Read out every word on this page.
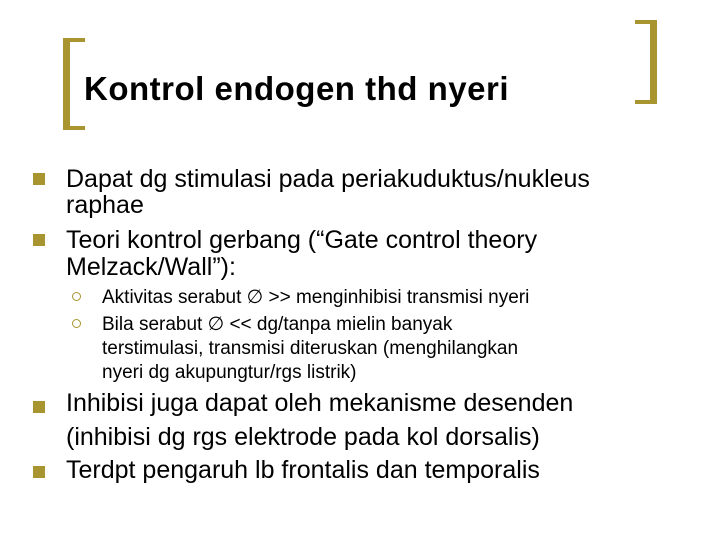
Kontrol endogen thd nyeri
Dapat dg stimulasi pada periakuduktus/nukleus
raphae
Teori kontrol gerbang (“Gate control theory
Melzack/Wall”):
Aktivitas serabut ∅ >> menginhibisi transmisi nyeri
Bila serabut ∅ << dg/tanpa mielin banyak
terstimulasi, transmisi diteruskan (menghilangkan
nyeri dg akupungtur/rgs listrik)
Inhibisi juga dapat oleh mekanisme desenden
(inhibisi dg rgs elektrode pada kol dorsalis)
Terdpt pengaruh lb frontalis dan temporalis
